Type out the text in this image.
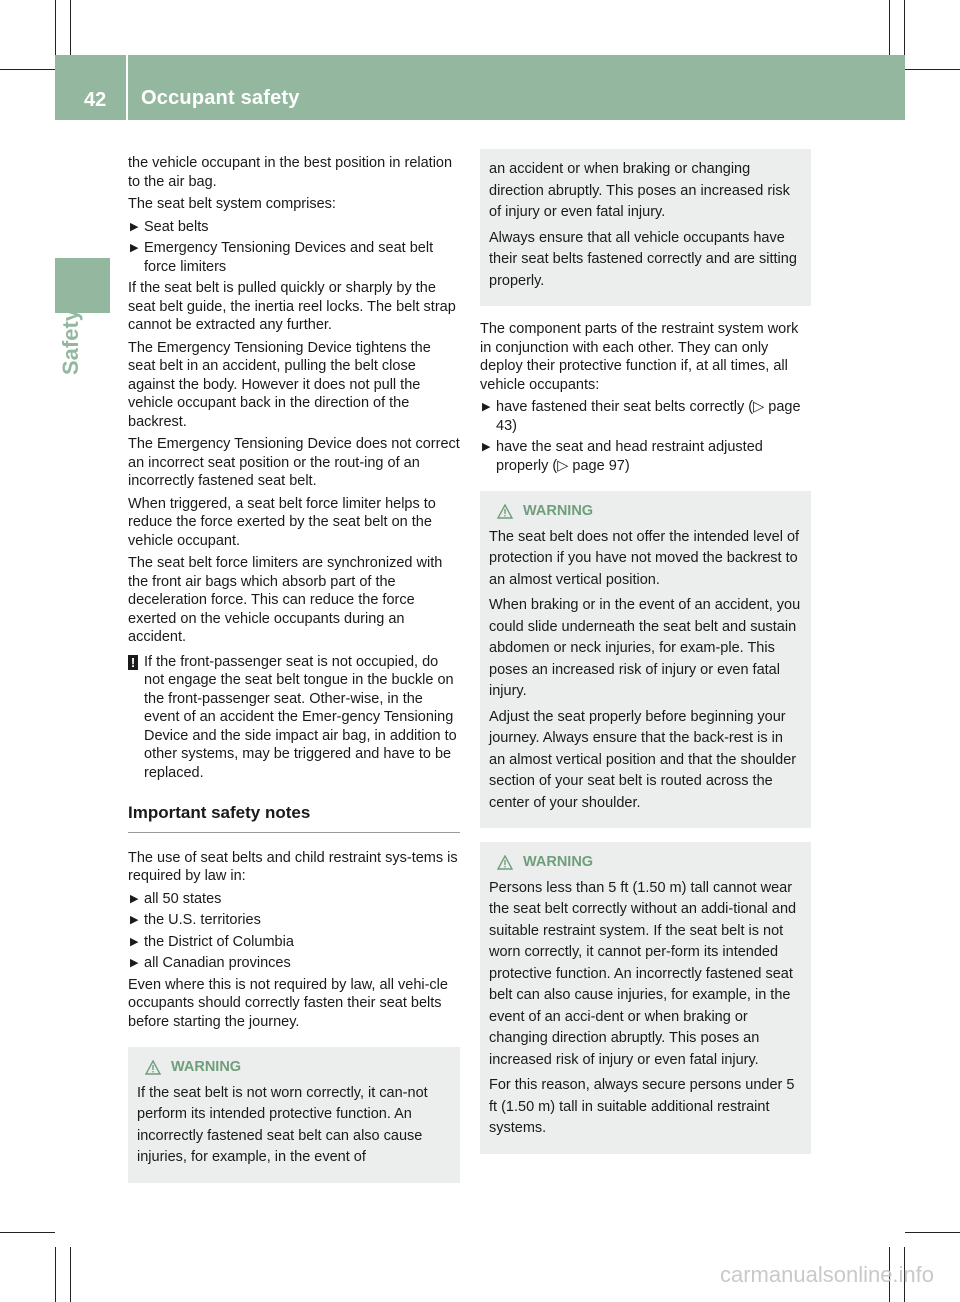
42 Occupant safety
Safety

the vehicle occupant in the best position in relation to the air bag.

The seat belt system comprises:

▶ Seat belts
▶ Emergency Tensioning Devices and seat belt force limiters

If the seat belt is pulled quickly or sharply by the seat belt guide, the inertia reel locks. The belt strap cannot be extracted any further.

The Emergency Tensioning Device tightens the seat belt in an accident, pulling the belt close against the body. However it does not pull the vehicle occupant back in the direction of the backrest.

The Emergency Tensioning Device does not correct an incorrect seat position or the rout-ing of an incorrectly fastened seat belt.

When triggered, a seat belt force limiter helps to reduce the force exerted by the seat belt on the vehicle occupant.

The seat belt force limiters are synchronized with the front air bags which absorb part of the deceleration force. This can reduce the force exerted on the vehicle occupants during an accident.

! If the front-passenger seat is not occupied, do not engage the seat belt tongue in the buckle on the front-passenger seat. Other-wise, in the event of an accident the Emer-gency Tensioning Device and the side impact air bag, in addition to other systems, may be triggered and have to be replaced.
Important safety notes

The use of seat belts and child restraint sys-tems is required by law in:

▶ all 50 states
▶ the U.S. territories
▶ the District of Columbia
▶ all Canadian provinces

Even where this is not required by law, all vehi-cle occupants should correctly fasten their seat belts before starting the journey.

WARNING

If the seat belt is not worn correctly, it can-not perform its intended protective function. An incorrectly fastened seat belt can also cause injuries, for example, in the event of

an accident or when braking or changing direction abruptly. This poses an increased risk of injury or even fatal injury.

Always ensure that all vehicle occupants have their seat belts fastened correctly and are sitting properly.

The component parts of the restraint system work in conjunction with each other. They can only deploy their protective function if, at all times, all vehicle occupants:

▶ have fastened their seat belts correctly (▷ page 43)
▶ have the seat and head restraint adjusted properly (▷ page 97)
WARNING

The seat belt does not offer the intended level of protection if you have not moved the backrest to an almost vertical position.

When braking or in the event of an accident, you could slide underneath the seat belt and sustain abdomen or neck injuries, for exam-ple. This poses an increased risk of injury or even fatal injury.

Adjust the seat properly before beginning your journey. Always ensure that the back-rest is in an almost vertical position and that the shoulder section of your seat belt is routed across the center of your shoulder.

WARNING

Persons less than 5 ft (1.50 m) tall cannot wear the seat belt correctly without an addi-tional and suitable restraint system. If the seat belt is not worn correctly, it cannot per-form its intended protective function. An incorrectly fastened seat belt can also cause injuries, for example, in the event of an acci-dent or when braking or changing direction abruptly. This poses an increased risk of injury or even fatal injury.

For this reason, always secure persons under 5 ft (1.50 m) tall in suitable additional restraint systems.

carmanualsonline.info
